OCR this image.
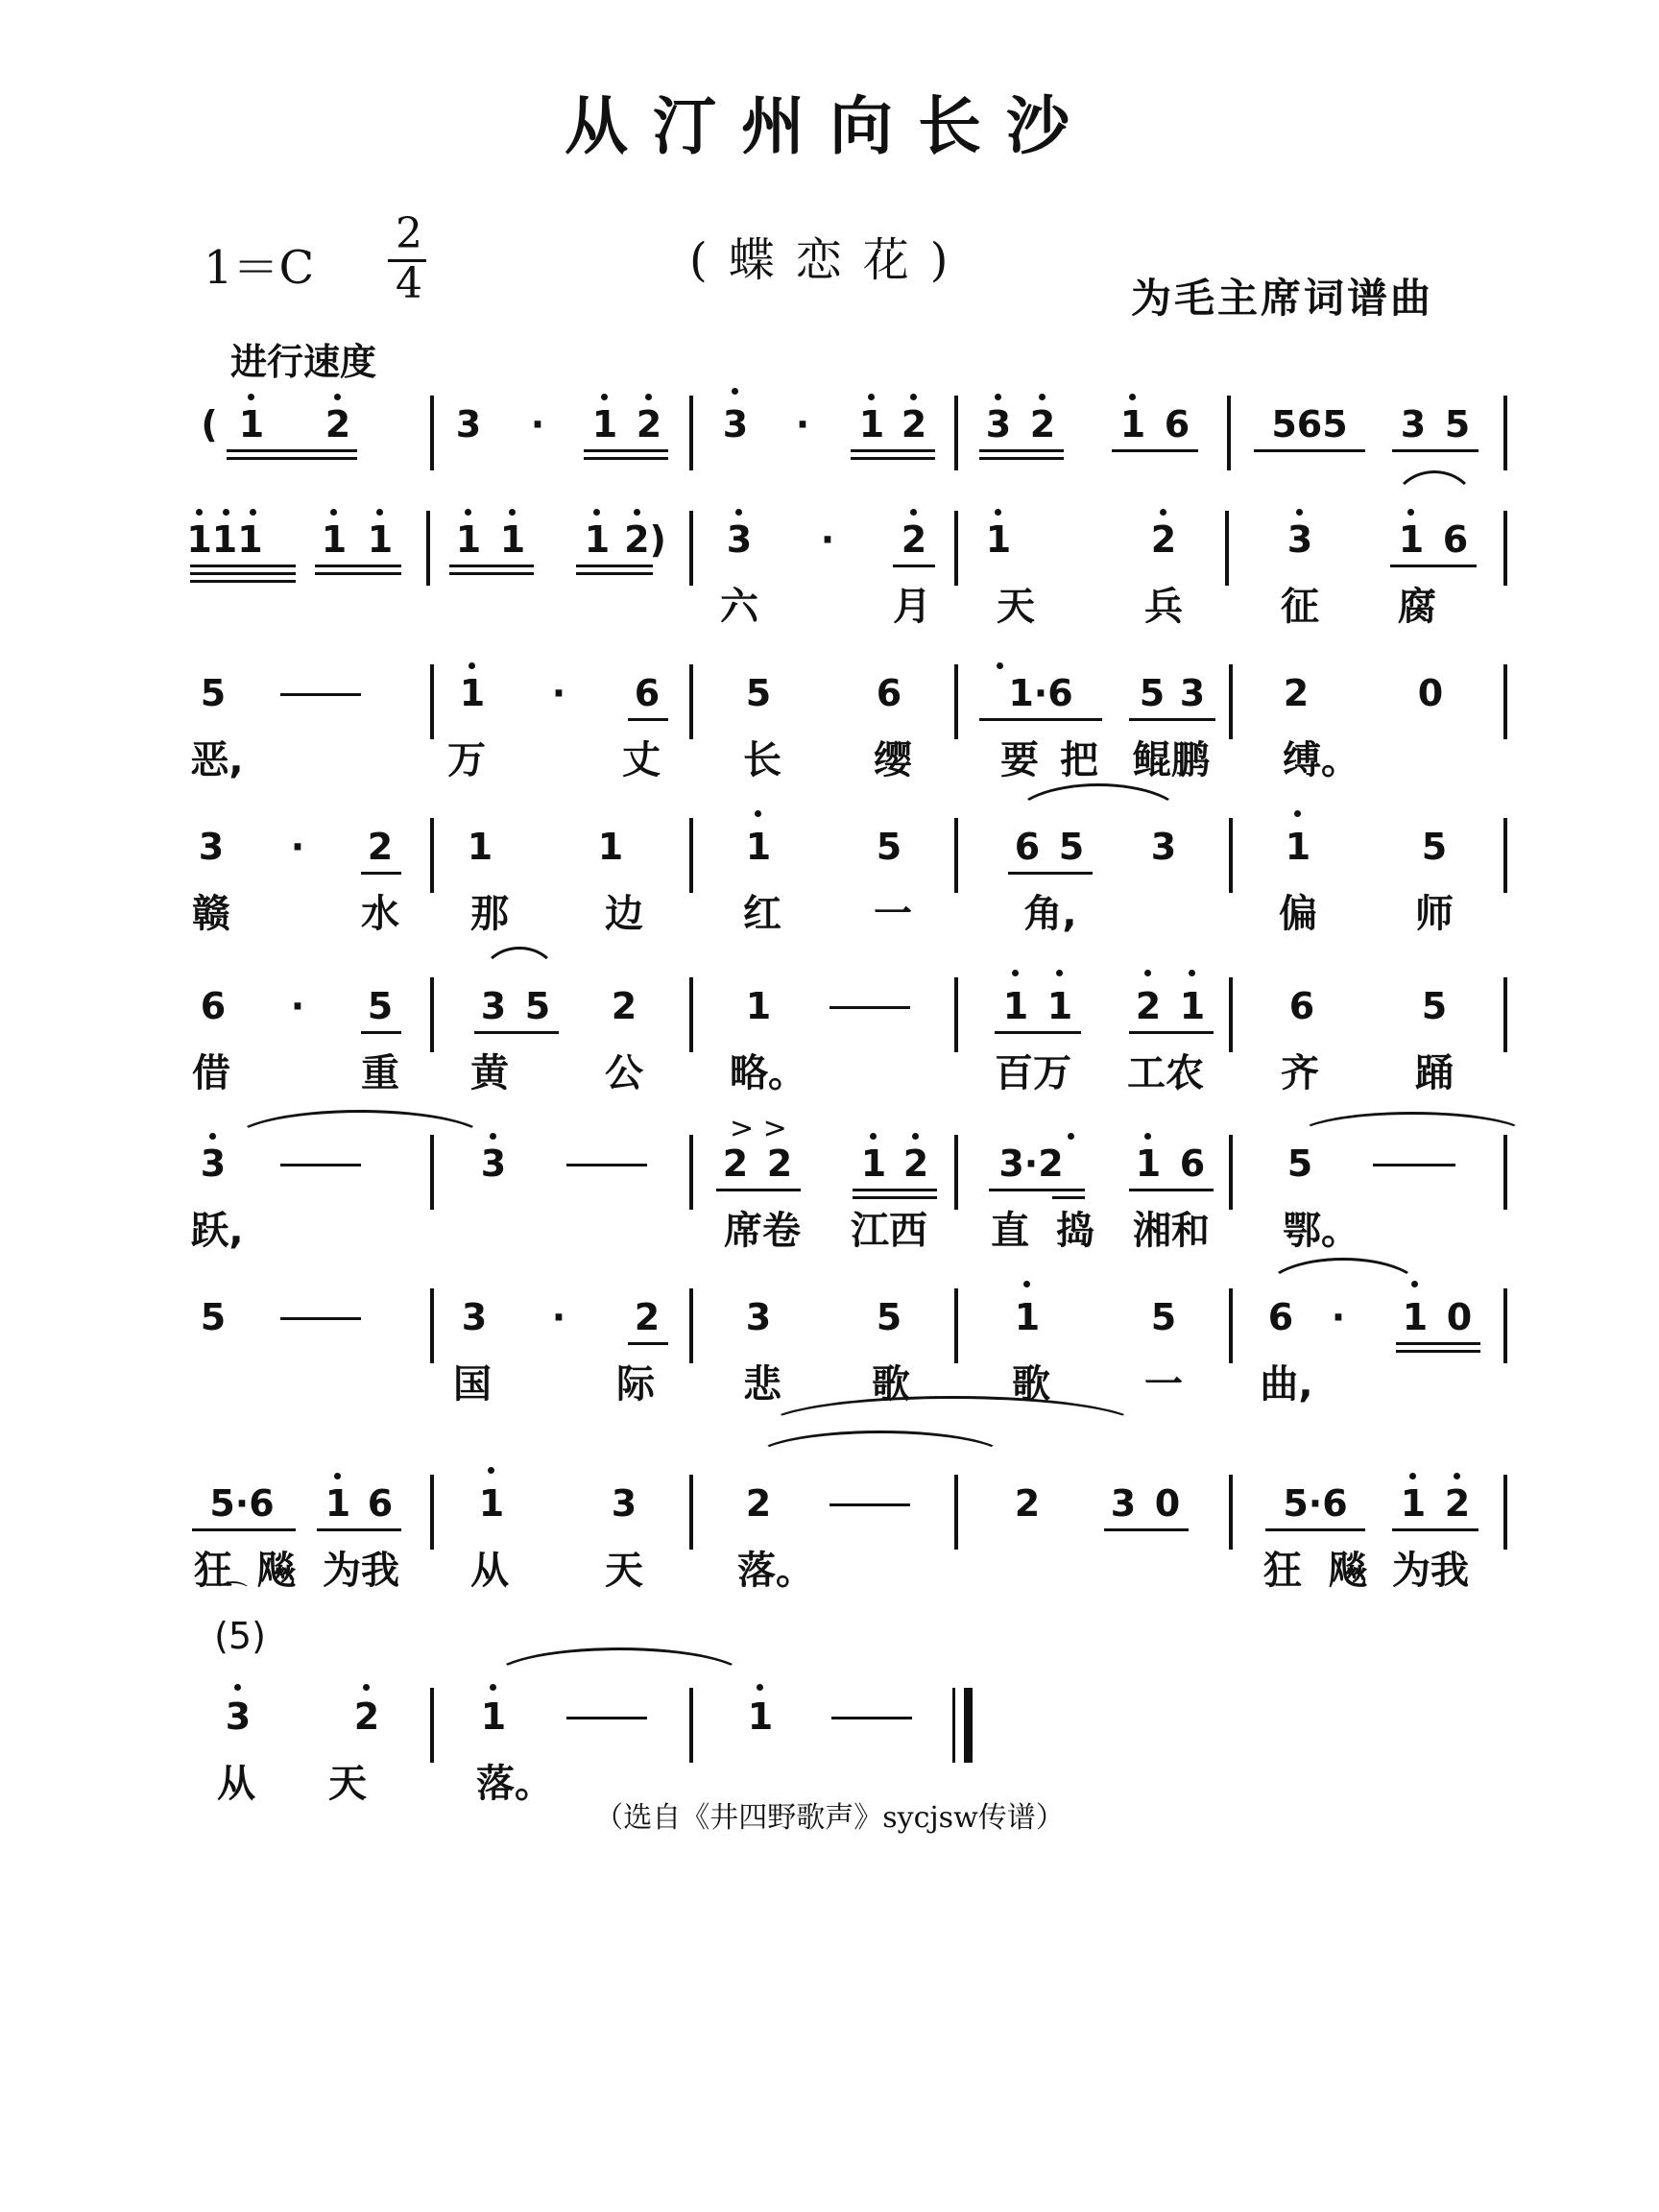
从汀州向长沙
1＝C
2
4	(蝶恋花)
为毛主席词谱曲
进行速度
( 1 2	3 · 1 2 3 · 1 2 3 2 1 6 565 3 5
111 1 1 1 1 1 2) 3 · 2 1	2	3 1 6
六	月 天	兵	征 腐
5	1 · 6 5	6	1·6 5 3 2	0
恶,	万	丈 长 缨 要 把 鲲鹏 缚。
3 · 2 1	1	1	5	6 5 3	1	5
赣	水 那	边	红 一	角,	偏	师
6 · 5 3 5 2	1	1 1 2 1 6	5
借	重 黄	公 略。	百万 工农 齐	踊
3	3
> >
2 2 1 2 3·2 1 6 5
跃,	席卷 江西 直 捣 湘和 鄂。
5	3 · 2 3	5	1	5	6 · 1 0
国	际 悲 歌	歌 一 曲,
5·6 1 6 1	3	2	2 3 0	5·6 1 2
狂 飚 为我 从	天 落。	狂 飚 为我
⌒
(5)
3	2	1	1
从 天	落。
（选自《井四野歌声》sycjsw传谱）
